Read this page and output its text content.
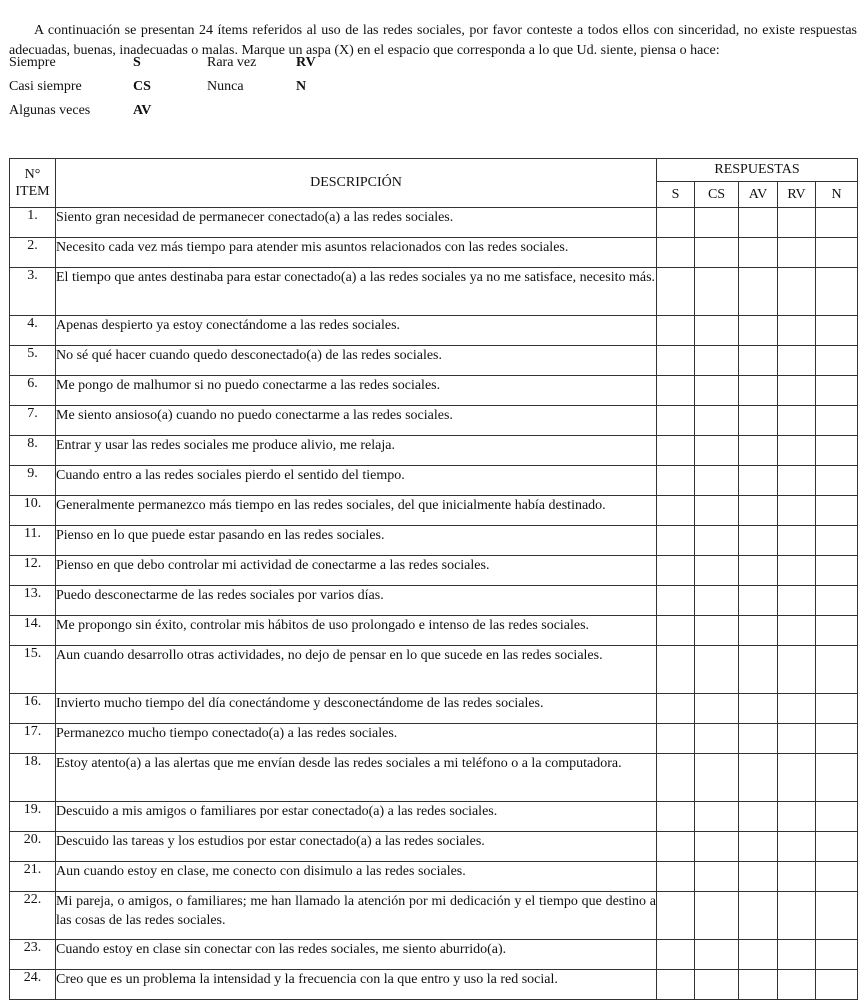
A continuación se presentan 24 ítems referidos al uso de las redes sociales, por favor conteste a todos ellos con sinceridad, no existe respuestas adecuadas, buenas, inadecuadas o malas. Marque un aspa (X) en el espacio que corresponda a lo que Ud. siente, piensa o hace:

Siempre	S	Rara vez	RV
Casi siempre	CS	Nunca	N
Algunas veces	AV
N°
ITEM	DESCRIPCIÓN	RESPUESTAS				
		S	CS	AV	RV	N
1.	Siento gran necesidad de permanecer conectado(a) a las redes sociales.					
2.	Necesito cada vez más tiempo para atender mis asuntos relacionados con las redes sociales.					
3.	El tiempo que antes destinaba para estar conectado(a) a las redes sociales ya no me satisface, necesito más.					
4.	Apenas despierto ya estoy conectándome a las redes sociales.					
5.	No sé qué hacer cuando quedo desconectado(a) de las redes sociales.					
6.	Me pongo de malhumor si no puedo conectarme a las redes sociales.					
7.	Me siento ansioso(a) cuando no puedo conectarme a las redes sociales.					
8.	Entrar y usar las redes sociales me produce alivio, me relaja.					
9.	Cuando entro a las redes sociales pierdo el sentido del tiempo.					
10.	Generalmente permanezco más tiempo en las redes sociales, del que inicialmente había destinado.					
11.	Pienso en lo que puede estar pasando en las redes sociales.					
12.	Pienso en que debo controlar mi actividad de conectarme a las redes sociales.					
13.	Puedo desconectarme de las redes sociales por varios días.					
14.	Me propongo sin éxito, controlar mis hábitos de uso prolongado e intenso de las redes sociales.					
15.	Aun cuando desarrollo otras actividades, no dejo de pensar en lo que sucede en las redes sociales.					
16.	Invierto mucho tiempo del día conectándome y desconectándome de las redes sociales.					
17.	Permanezco mucho tiempo conectado(a) a las redes sociales.					
18.	Estoy atento(a) a las alertas que me envían desde las redes sociales a mi teléfono o a la computadora.					
19.	Descuido a mis amigos o familiares por estar conectado(a) a las redes sociales.					
20.	Descuido las tareas y los estudios por estar conectado(a) a las redes sociales.					
21.	Aun cuando estoy en clase, me conecto con disimulo a las redes sociales.					
22.	Mi pareja, o amigos, o familiares; me han llamado la atención por mi dedicación y el tiempo que destino a las cosas de las redes sociales.					
23.	Cuando estoy en clase sin conectar con las redes sociales, me siento aburrido(a).					
24.	Creo que es un problema la intensidad y la frecuencia con la que entro y uso la red social.					
